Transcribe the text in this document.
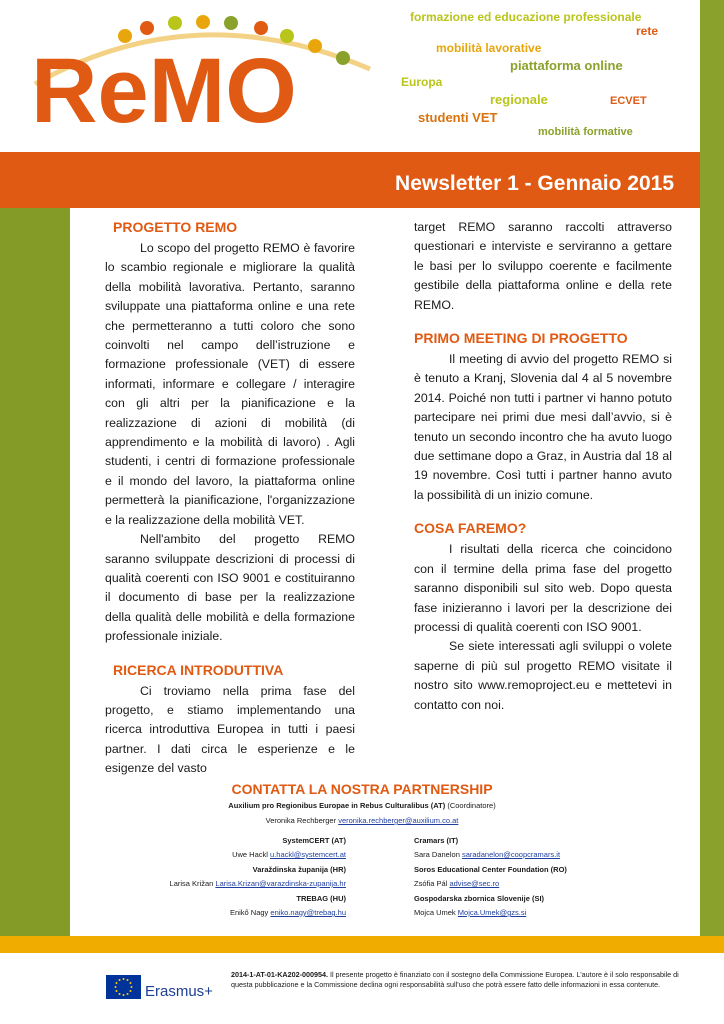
ReMO
formazione ed educazione professionale
rete
mobilità lavorative
piattaforma online
Europa
regionale	ECVET
studenti VET
mobilità formative
Newsletter 1 - Gennaio 2015
PROGETTO REMO

Lo scopo del progetto REMO è favorire lo scambio regionale e migliorare la qualità della mobilità lavorativa. Pertanto, saranno sviluppate una piattaforma online e una rete che permetteranno a tutti coloro che sono coinvolti nel campo dell’istruzione e formazione professionale (VET) di essere informati, informare e collegare / interagire con gli altri per la pianificazione e la realizzazione di azioni di mobilità (di apprendimento e la mobilità di lavoro) . Agli studenti, i centri di formazione professionale e il mondo del lavoro, la piattaforma online permetterà la pianificazione, l'organizzazione e la realizzazione della mobilità VET.

Nell'ambito del progetto REMO saranno sviluppate descrizioni di processi di qualità coerenti con ISO 9001 e costituiranno il documento di base per la realizzazione della qualità delle mobilità e della formazione professionale iniziale.

RICERCA INTRODUTTIVA

Ci troviamo nella prima fase del progetto, e stiamo implementando una ricerca introduttiva Europea in tutti i paesi partner. I dati circa le esperienze e le esigenze del vasto

target REMO saranno raccolti attraverso questionari e interviste e serviranno a gettare le basi per lo sviluppo coerente e facilmente gestibile della piattaforma online e della rete REMO.

PRIMO MEETING DI PROGETTO

Il meeting di avvio del progetto REMO si è tenuto a Kranj, Slovenia dal 4 al 5 novembre 2014. Poiché non tutti i partner vi hanno potuto partecipare nei primi due mesi dall’avvio, si è tenuto un secondo incontro che ha avuto luogo due settimane dopo a Graz, in Austria dal 18 al 19 novembre. Così tutti i partner hanno avuto la possibilità di un inizio comune.

COSA FAREMO?

I risultati della ricerca che coincidono con il termine della prima fase del progetto saranno disponibili sul sito web. Dopo questa fase inizieranno i lavori per la descrizione dei processi di qualità coerenti con ISO 9001.

Se siete interessati agli sviluppi o volete saperne di più sul progetto REMO visitate il nostro sito www.remoproject.eu e mettetevi in contatto con noi.

CONTATTA LA NOSTRA PARTNERSHIP
Auxilium pro Regionibus Europae in Rebus Culturalibus (AT) (Coordinatore)
Veronika Rechberger veronika.rechberger@auxilium.co.at
SystemCERT (AT)
Uwe Hackl u.hackl@systemcert.at
Varaždinska županija (HR)
Larisa Križan Larisa.Krizan@varazdinska-zupanija.hr
TREBAG (HU)
Enikő Nagy eniko.nagy@trebag.hu
Cramars (IT)
Sara Danelon saradanelon@coopcramars.it
Soros Educational Center Foundation (RO)
Zsófia Pál advise@sec.ro
Gospodarska zbornica Slovenije (SI)
Mojca Umek Mojca.Umek@gzs.si
Erasmus+
2014-1-AT-01-KA202-000954. Il presente progetto è finanziato con il sostegno della Commissione Europea. L’autore è il solo responsabile di questa pubblicazione e la Commissione declina ogni responsabilità sull’uso che potrà essere fatto delle informazioni in essa contenute.
